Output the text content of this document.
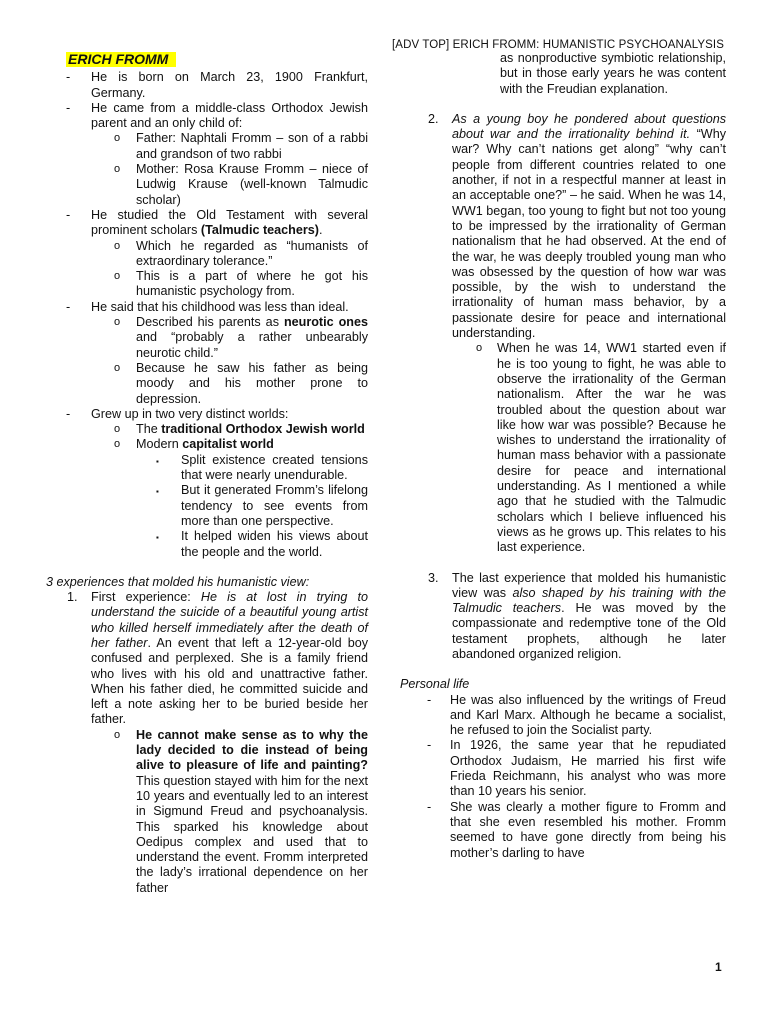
[ADV TOP] ERICH FROMM: HUMANISTIC PSYCHOANALYSIS
ERICH FROMM
- He is born on March 23, 1900 Frankfurt, Germany.
- He came from a middle-class Orthodox Jewish parent and an only child of:
o Father: Naphtali Fromm – son of a rabbi and grandson of two rabbi
o Mother: Rosa Krause Fromm – niece of Ludwig Krause (well-known Talmudic scholar)
- He studied the Old Testament with several prominent scholars (Talmudic teachers).
o Which he regarded as “humanists of extraordinary tolerance.”
o This is a part of where he got his humanistic psychology from.
- He said that his childhood was less than ideal.
o Described his parents as neurotic ones and “probably a rather unbearably neurotic child.”
o Because he saw his father as being moody and his mother prone to depression.
- Grew up in two very distinct worlds:
o The traditional Orthodox Jewish world
o Modern capitalist world
▪ Split existence created tensions that were nearly unendurable.
▪ But it generated Fromm’s lifelong tendency to see events from more than one perspective.
▪ It helped widen his views about the people and the world.
3 experiences that molded his humanistic view:
1. First experience: He is at lost in trying to understand the suicide of a beautiful young artist who killed herself immediately after the death of her father. An event that left a 12-year-old boy confused and perplexed. She is a family friend who lives with his old and unattractive father. When his father died, he committed suicide and left a note asking her to be buried beside her father.
o He cannot make sense as to why the lady decided to die instead of being alive to pleasure of life and painting? This question stayed with him for the next 10 years and eventually led to an interest in Sigmund Freud and psychoanalysis. This sparked his knowledge about Oedipus complex and used that to understand the event. Fromm interpreted the lady’s irrational dependence on her father
as nonproductive symbiotic relationship, but in those early years he was content with the Freudian explanation.
2. As a young boy he pondered about questions about war and the irrationality behind it. “Why war? Why can’t nations get along” “why can’t people from different countries related to one another, if not in a respectful manner at least in an acceptable one?” – he said. When he was 14, WW1 began, too young to fight but not too young to be impressed by the irrationality of German nationalism that he had observed. At the end of the war, he was deeply troubled young man who was obsessed by the question of how war was possible, by the wish to understand the irrationality of human mass behavior, by a passionate desire for peace and international understanding.
o When he was 14, WW1 started even if he is too young to fight, he was able to observe the irrationality of the German nationalism. After the war he was troubled about the question about war like how war was possible? Because he wishes to understand the irrationality of human mass behavior with a passionate desire for peace and international understanding. As I mentioned a while ago that he studied with the Talmudic scholars which I believe influenced his views as he grows up. This relates to his last experience.
3. The last experience that molded his humanistic view was also shaped by his training with the Talmudic teachers. He was moved by the compassionate and redemptive tone of the Old testament prophets, although he later abandoned organized religion.
Personal life
- He was also influenced by the writings of Freud and Karl Marx. Although he became a socialist, he refused to join the Socialist party.
- In 1926, the same year that he repudiated Orthodox Judaism, He married his first wife Frieda Reichmann, his analyst who was more than 10 years his senior.
- She was clearly a mother figure to Fromm and that she even resembled his mother. Fromm seemed to have gone directly from being his mother’s darling to have
1
